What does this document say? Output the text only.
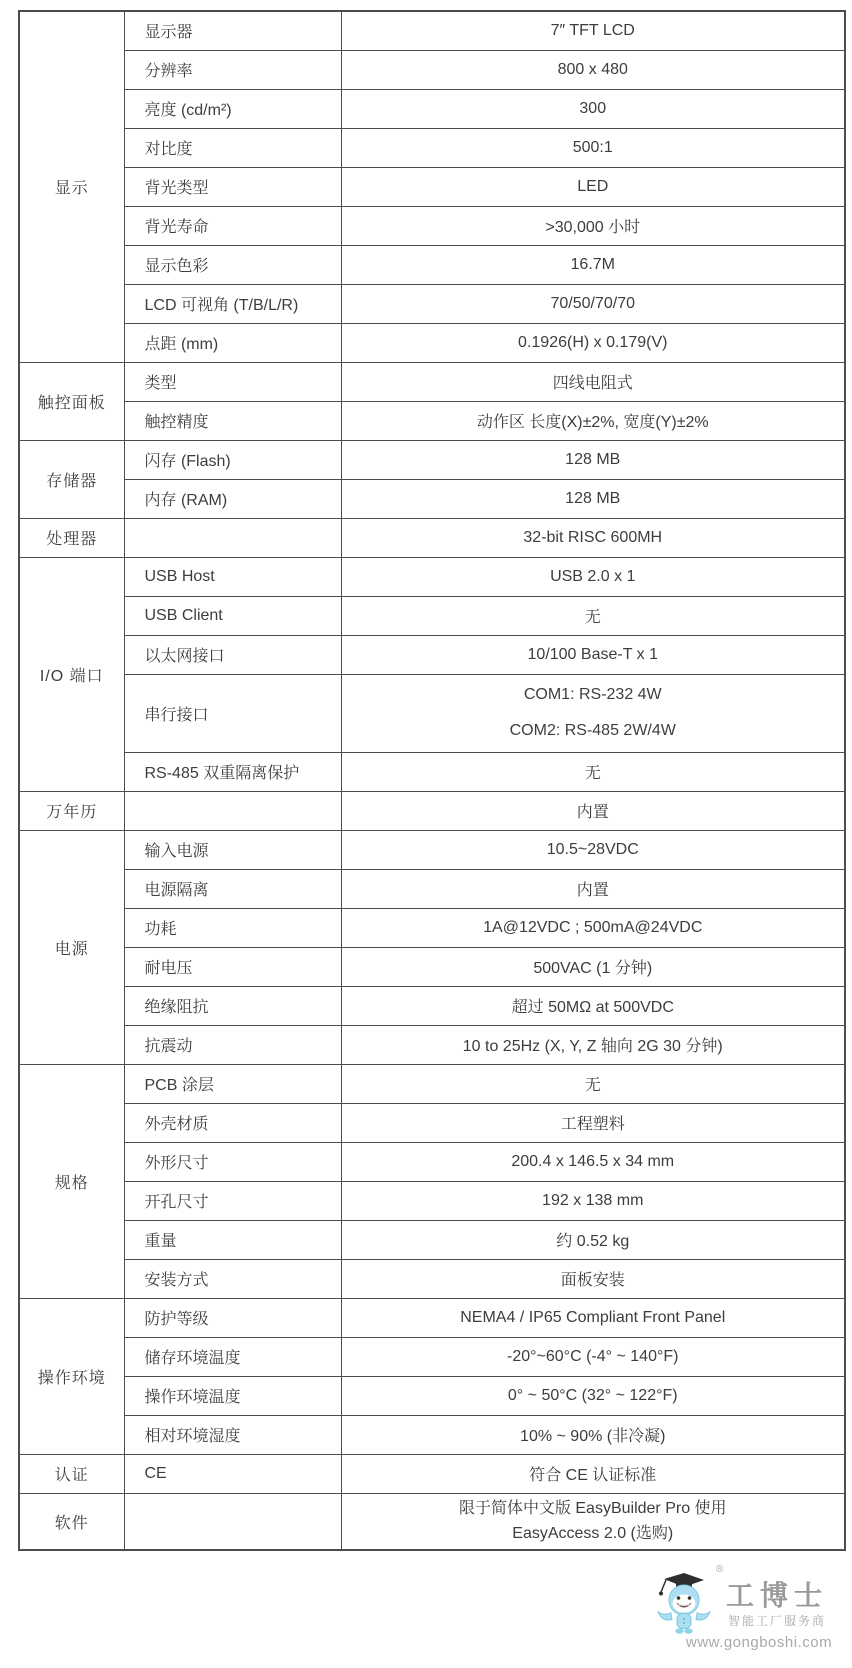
显示	显示器	7″ TFT LCD
	分辨率	800 x 480
	亮度 (cd/m²)	300
	对比度	500:1
	背光类型	LED
	背光寿命	>30,000 小时
	显示色彩	16.7M
	LCD 可视角 (T/B/L/R)	70/50/70/70
	点距 (mm)	0.1926(H) x 0.179(V)
触控面板	类型	四线电阻式
	触控精度	动作区 长度(X)±2%, 宽度(Y)±2%
存储器	闪存 (Flash)	128 MB
	内存 (RAM)	128 MB
处理器		32-bit RISC 600MH
I/O 端口	USB Host	USB 2.0 x 1
	USB Client	无
	以太网接口	10/100 Base-T x 1
	串行接口	COM1: RS-232 4W
COM2: RS-485 2W/4W

	RS-485 双重隔离保护	无
万年历		内置
电源	输入电源	10.5~28VDC
	电源隔离	内置
	功耗	1A@12VDC ; 500mA@24VDC
	耐电压	500VAC (1 分钟)
	绝缘阻抗	超过 50MΩ at 500VDC
	抗震动	10 to 25Hz (X, Y, Z 轴向 2G 30 分钟)
规格	PCB 涂层	无
	外壳材质	工程塑料
	外形尺寸	200.4 x 146.5 x 34 mm
	开孔尺寸	192 x 138 mm
	重量	约 0.52 kg
	安装方式	面板安装
操作环境	防护等级	NEMA4 / IP65 Compliant Front Panel
	储存环境温度	-20°~60°C (-4° ~ 140°F)
	操作环境温度	0° ~ 50°C (32° ~ 122°F)
	相对环境湿度	10% ~ 90% (非冷凝)
认证	CE	符合 CE 认证标准
软件		限于简体中文版 EasyBuilder Pro 使用
EasyAccess 2.0 (选购)
®
工博士
智能工厂服务商
www.gongboshi.com
